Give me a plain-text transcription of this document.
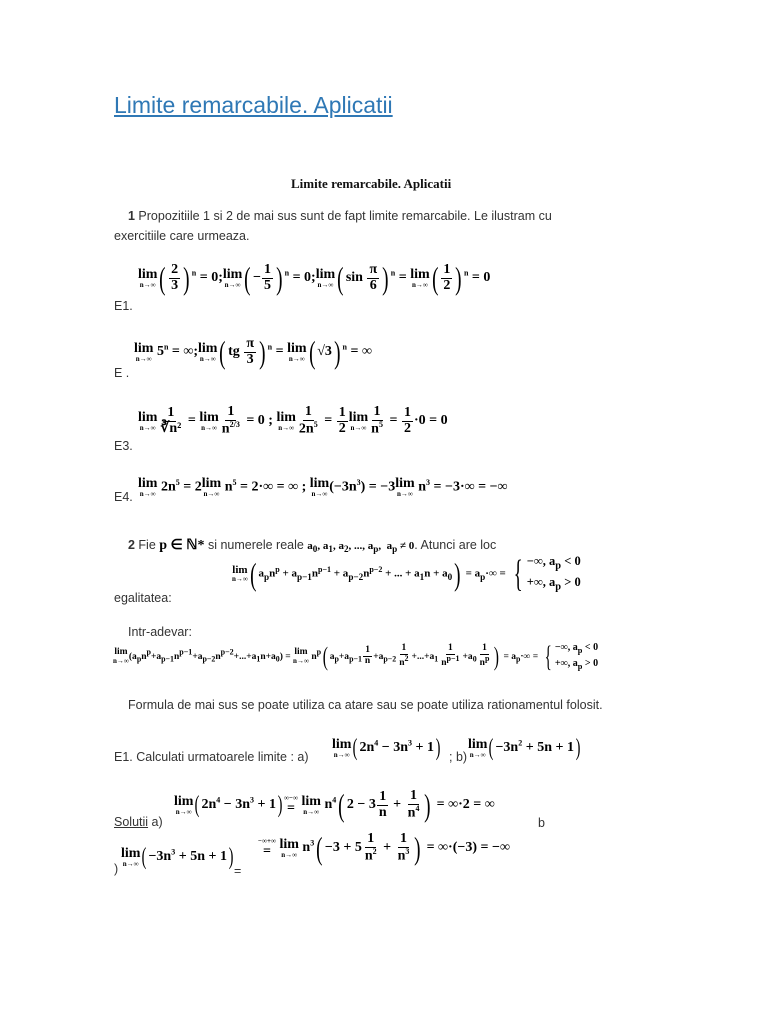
Limite remarcabile. Aplicatii
Limite remarcabile. Aplicatii
1 Propozitiile 1 si 2 de mai sus sunt de fapt limite remarcabile. Le ilustram cu
exercitiile care urmeaza.
E1.
lim
n→∞ ( $\frac{2}{3}$ ) $^n$ = 0;lim
n→∞ ( − $\frac{1}{5}$ ) $^n$ = 0;lim
n→∞ ( $\sin \frac{\pi}{6}$ ) $^n$ = lim
n→∞ ( $\frac{1}{2}$ ) $^n$ = 0
E .
lim
n→∞ $5^n$ = ∞;lim
n→∞ ( tg $\frac{\pi}{3}$ ) $^n$ = lim
n→∞ ( √3) $^n$ = ∞
E3.
lim
$n\to\infty \frac{1}{\text{∛n²}} = \lim$
$n\to\infty \frac{1}{n^{2/3}} = 0$ ; lim
$n\to\infty \frac{1}{2n^5} = \frac{1}{2}$ lim
$n\to\infty \frac{1}{n^5} = \frac{1}{2} \cdot 0 = 0$
E4.
lim
n→∞ $2n^5 = 2\lim$
n→∞ $n^5 = 2\cdot\infty$ = ∞ ; lim
n→∞ $(-3n^3) = -3\lim$
n→∞ $n^3 = -3\cdot\infty$ = −∞
2 Fie p ∈ ℕ* si numerele reale $a_0$, $a_1$, $a_2$, ..., $a_p$,  $a_p \ne 0$. Atunci are loc
egalitatea:
lim
n→∞ ( $a_pn^p + a_{p-1}n^{p-1} + a_{p-2}n^{p-2}$ + ... + $a_1n + a_0) = a_p\cdot\infty$ = { −∞, $a_p < 0$
+∞, $a_p > 0$
Intr-adevar:
lim
n→∞ $(a_pn^p+a_{p-1}n^{p-1}+a_{p-2}n^{p-2}+...+a_1n+a_0) = \lim$
n→∞ $n^p$( $a_p+a_{p-1} \frac{1}{n} +a_{p-2} \frac{1}{n^2} +...+a_1 \frac{1}{n^{p-1}} +a_0 \frac{1}{n^p}$ ) = $a_p\cdot\infty$ = { −∞, $a_p < 0$
+∞, $a_p > 0$
Formula de mai sus se poate utiliza ca atare sau se poate utiliza rationamentul folosit.
E1. Calculati urmatoarele limite : a)
lim
n→∞ ( $2n^4 - 3n^3 + 1$) ; b)
lim
n→∞ ( $-3n^2 + 5n + 1$)
Solutii a)
lim
n→∞ ( $2n^4 - 3n^3 + 1$) ∞−∞
= lim
n→∞ $n^4$( $2 - 3 \frac{1}{n} + \frac{1}{n^4}$ ) = ∞·2 = ∞
b
)
lim
n→∞ ( $-3n^3 + 5n + 1$)
=
−∞+∞
= lim
n→∞ $n^3( -3 + 5 \frac{1}{n^2} + \frac{1}{n^3}$ ) = ∞·(−3) = −∞
